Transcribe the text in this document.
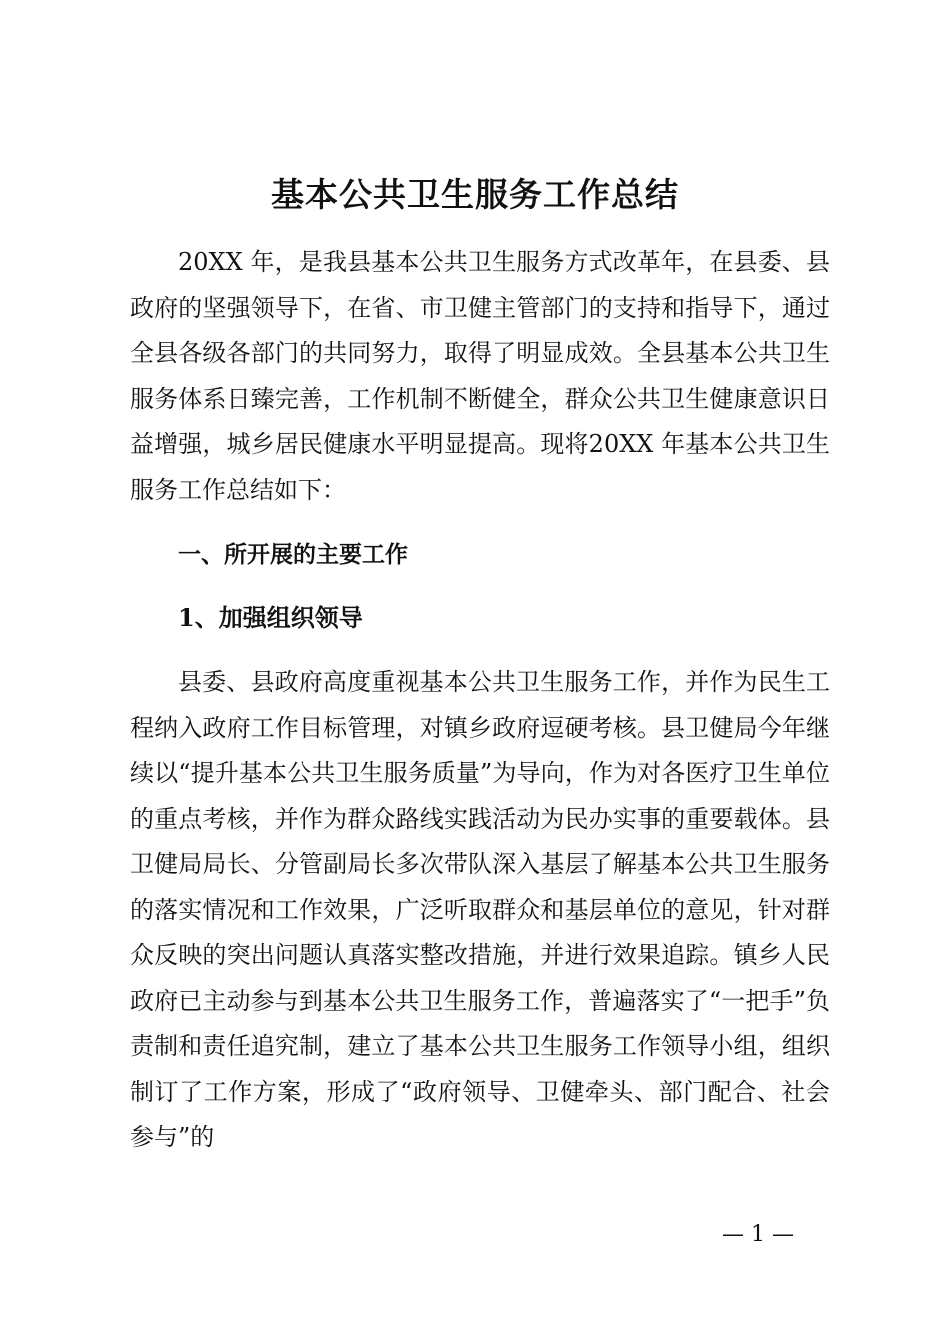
基本公共卫生服务工作总结

20XX 年，是我县基本公共卫生服务方式改革年，在县委、县政府的坚强领导下，在省、市卫健主管部门的支持和指导下，通过全县各级各部门的共同努力，取得了明显成效。全县基本公共卫生服务体系日臻完善，工作机制不断健全，群众公共卫生健康意识日益增强，城乡居民健康水平明显提高。现将20XX 年基本公共卫生服务工作总结如下：

一、所开展的主要工作
1、加强组织领导

县委、县政府高度重视基本公共卫生服务工作，并作为民生工程纳入政府工作目标管理，对镇乡政府逗硬考核。县卫健局今年继续以“提升基本公共卫生服务质量”为导向，作为对各医疗卫生单位的重点考核，并作为群众路线实践活动为民办实事的重要载体。县卫健局局长、分管副局长多次带队深入基层了解基本公共卫生服务的落实情况和工作效果，广泛听取群众和基层单位的意见，针对群众反映的突出问题认真落实整改措施，并进行效果追踪。镇乡人民政府已主动参与到基本公共卫生服务工作，普遍落实了“一把手”负责制和责任追究制，建立了基本公共卫生服务工作领导小组，组织制订了工作方案，形成了“政府领导、卫健牵头、部门配合、社会参与”的

— 1 —
